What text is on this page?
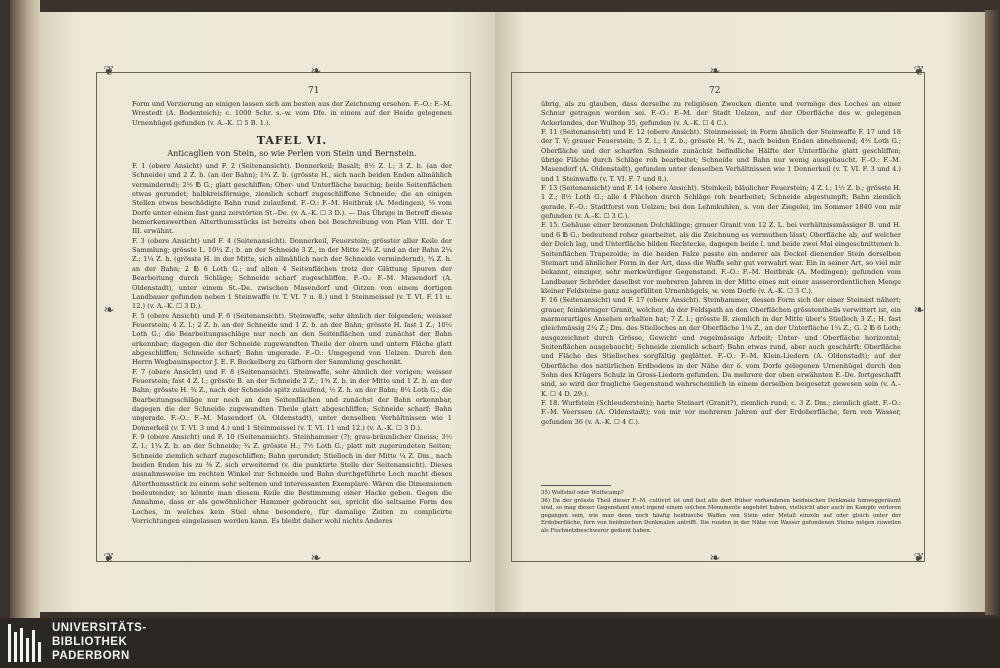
❦	❧
❧
❦	❧
71

Form und Verzierung an einigen lassen sich am besten aus der Zeichnung ersehen. F.–O.: F.–M. Wrestedt (A. Bodenteich); c. 1000 Schr. s.–w. vom Dfe. in einem auf der Heide gelegenen Urnenhügel gefunden (v. A.–K. ☐ 5 B. 1.).

TAFEL VI.
Anticaglien von Stein, so wie Perlen von Stein und Bernstein.

F. 1 (obere Ansicht) und F. 2 (Seitenansicht). Donnerkeil; Basalt; 8½ Z. l.; 3 Z. b. (an der Schneide) und 2 Z. b. (an der Bahn); 1¾ Z. b. (grösste H., sich nach beiden Enden allmählich vermindernd); 2½ ℔ G.; glatt geschliffen; Ober- und Unterfläche bauchig; beide Seitenflächen etwas gerundet; halbkreisförmige, ziemlich scharf zugeschliffene Schneide; die an einigen Stellen etwas beschädigte Bahn rund zulaufend. F.–O.: F.–M. Heitbrak (A. Medingen), ⅛ vom Dorfe unter einem fast ganz zerstörten St.–De. (v. A.–K. ☐ 3 D.). — Das Übrige in Betreff dieses bemerkenswerthen Alterthumsstücks ist bereits oben bei Beschreibung von Plan VIII. der T. III. erwähnt.

F. 3 (obere Ansicht) und F. 4 (Seitenansicht). Donnerkeil, Feuerstein; grösster aller Keile der Sammlung; grösste L. 10¼ Z.; b. an der Schneide 3 Z., in der Mitte 2¾ Z. und an der Bahn 2¼ Z.; 1¼ Z. h. (grösste H. in der Mitte, sich allmählich nach der Schneide vermindernd), ¾ Z. h. an der Bahn; 2 ℔ 6 Loth G.; auf allen 4 Seitenflächen trotz der Glättung Spuren der Bearbeitung durch Schläge; Schneide scharf zugeschliffen. F.–O.: F.–M. Masendorf (A. Oldenstadt), unter einem St.–De. zwischen Masendorf und Oitzen von einem dortigen Landbauer gefunden neben 1 Steinwaffe (v. T. VI. 7 u. 8.) und 1 Steinmeissel (v. T. VI. F. 11 u. 12.) (v. A.–K. ☐ 3 D.).

F. 5 (obere Ansicht) und F. 6 (Seitenansicht). Steinwaffe, sehr ähnlich der folgenden; weisser Feuerstein; 4 Z. l.; 2 Z. b. an der Schneide und 1 Z. b. an der Bahn; grösste H. fast 1 Z.; 10½ Loth G.; die Bearbeitungsschläge nur noch an den Seitenflächen und zunächst der Bahn erkennbar; dagegen die der Schneide zugewandten Theile der obern und untern Fläche glatt abgeschliffen; Schneide scharf; Bahn ungerade. F.–O.: Umgegend von Uelzen. Durch den Herrn Wegbauinspector J. E. F. Bockelberg zu Gifhorn der Sammlung geschenkt.

F. 7 (obere Ansicht) und F. 8 (Seitenansicht). Steinwaffe, sehr ähnlich der vorigen; weisser Feuerstein; fast 4 Z. l.; grösste B. an der Schneide 2 Z.; 1¾ Z. b. in der Mitte und 1 Z. b. an der Bahn; grösste H. ¾ Z., nach der Schneide spitz zulaufend, ½ Z. h. an der Bahn; 8¼ Loth G.; die Bearbeitungsschläge nur noch an den Seitenflächen und zunächst der Bahn erkennbar, dagegen die der Schneide zugewandten Theile glatt abgeschliffen; Schneide scharf; Bahn ungerade. F.–O.: F.–M. Masendorf (A. Oldenstadt), unter denselben Verhältnissen wie 1 Donnerkeil (v. T. VI. 3 und 4.) und 1 Steinmeissel (v. T. VI. 11 und 12.) (v. A.–K. ☐ 3 D.).

F. 9 (obere Ansicht) und F. 10 (Seitenansicht). Steinhammer (?); grau-bräunlicher Gneiss; 3½ Z. l.; 1¾ Z. b. an der Schneide; ¾ Z. grösste H.; 7½ Loth G.; platt mit zugerundeten Seiten; Schneide ziemlich scharf zugeschliffen; Bahn gerundet; Stielloch in der Mitte ¼ Z. Dm., nach beiden Enden bis zu ⅜ Z. sich erweiternd (v. die punktirte Stelle der Seitenansicht). Dieses ausnahmsweise im rechten Winkel zur Schneide und Bahn durchgeführte Loch macht dieses Alterthumsstück zu einem sehr seltenen und interessanten Exemplare. Wären die Dimensionen bedeutender, so könnte man diesem Keile die Bestimmung einer Hacke geben. Gegen die Annahme, dass er als gewöhnlicher Hammer gebraucht sei, spricht die seltsame Form des Loches, in welches kein Stiel ohne besondere, für damalige Zeiten zu complicirte Vorrichtungen eingelassen werden kann. Es bleibt daher wohl nichts Anderes

❧	❦
❧
❧	❦
72

übrig, als zu glauben, dass derselbe zu religiösen Zwecken diente und vermöge des Loches an einer Schnur getragen worden sei. F.–O.: F.–M. der Stadt Uelzen, auf der Oberfläche des w. gelegenen Ackerlandes, der Wulhop 35, gefunden (v. A.–K. ☐ 4 C.).

F. 11 (Seitenansicht) und F. 12 (obere Ansicht). Steinmeissel; in Form ähnlich der Steinwaffe F. 17 und 18 der T. V; grauer Feuerstein; 5 Z. l.; 1 Z. b.; grösste H. ⅝ Z., nach beiden Enden abnehmend; 4½ Loth G.; Oberfläche und der scharfen Schneide zunächst befindliche Hälfte der Unterfläche glatt geschliffen; übrige Fläche durch Schläge roh bearbeitet; Schneide und Bahn nur wenig ausgebaucht. F.–O.: F.–M. Masendorf (A. Oldenstadt), gefunden unter denselben Verhältnissen wie 1 Donnerkeil (v. T. VI. F. 3 und 4.) und 1 Steinwaffe (v. T. VI. F. 7 und 8.).

F. 13 (Seitenansicht) und F. 14 (obere Ansicht). Steinkeil; bläulicher Feuerstein; 4 Z. l.; 1½ Z. b.; grösste H. 1 Z.; 8½ Loth G.; alle 4 Flächen durch Schläge roh bearbeitet; Schneide abgestumpft; Bahn ziemlich gerade. F.–O.: Stadtforst von Uelzen; bei den Lehmkuhlen, s. von der Ziegelei, im Sommer 1840 von mir gefunden (v. A.–K. ☐ 3 C.).

F. 15. Gehäuse einer bronzenen Dolchklinge; grauer Granit von 12 Z. L. bei verhältnissmässiger B. und H. und 6 ℔ G.; bedeutend roher gearbeitet, als die Zeichnung es vermuthen lässt; Oberfläche ab, auf welcher der Dolch lag, und Unterfläche bilden Rechtecke, dagegen beide l. und beide zwei Mal eingeschnittenen b. Seitenflächen Trapezoide; in die beiden Falze passte ein anderer als Deckel dienender Stein derselben Steinart und ähnlicher Form in der Art, dass die Waffe sehr gut verwahrt war. Ein in seiner Art, so viel mir bekannt, einziger, sehr merkwürdiger Gegenstand. F.–O.: F.–M. Heitbrak (A. Medingen); gefunden vom Landbauer Schröder daselbst vor mehreren Jahren in der Mitte eines mit einer ausserordentlichen Menge kleiner Feldsteine ganz ausgefüllten Urnenhügels, w. vom Dorfe (v. A.–K. ☐ 3 C.).

F. 16 (Seitenansicht) und F. 17 (obere Ansicht). Steinhammer, dessen Form sich der einer Steinaxt nähert; grauer, feinkörniger Granit, welcher, da der Feldspath an den Oberflächen grösstentheils verwittert ist, ein marmorartiges Ansehen erhalten hat; 7 Z. l.; grösste B. ziemlich in der Mitte über's Stielloch 3 Z.; H. fast gleichmässig 2¼ Z.; Dm. des Stielloches an der Oberfläche 1¼ Z., an der Unterfläche 1¼ Z.; G. 2 ℔ 6 Loth; ausgezeichnet durch Grösse, Gewicht und regelmässige Arbeit; Unter- und Oberfläche horizontal; Seitenflächen ausgebaucht; Schneide ziemlich scharf; Bahn etwas rund, aber auch geschärft; Oberfläche und Fläche des Stielloches sorgfältig geglättet. F.–O.: F.–M. Klein-Liedern (A. Oldenstadt); auf der Oberfläche des natürlichen Erdbodens in der Nähe der ö. vom Dorfe gelegenen Urnenhügel durch den Sohn des Krügers Schulz in Gross-Liedern gefunden. Da mehrere der oben erwähnten E.-De. fortgeschafft sind, so wird der fragliche Gegenstand wahrscheinlich in einem derselben beigesetzt gewesen sein (v. A.–K. ☐ 4 D. 29.).

F. 18. Wurfstein (Schleuderstein); harte Steinart (Granit?), ziemlich rund; c. 3 Z. Dm.; ziemlich glatt. F.–O.: F.–M. Veerssen (A. Oldenstadt); von mir vor mehreren Jahren auf der Erdoberfläche, fern von Wasser, gefunden 36 (v. A.–K. ☐ 4 C.).

35) Wolfshof oder Wolfscamp?

36) Da der grösste Theil dieser F.–M. cultivirt ist und fast alle dort früher vorhandenen heidnischen Denkmale hinweggeräumt sind, so mag dieser Gegenstand einst irgend einem solchen Monumente angehört haben, vielleicht aber auch im Kampfe verloren gegangen sein, wie man denn noch häufig heidnische Waffen von Stein oder Metall einzeln auf oder gleich unter der Erdoberfläche, fern von heidnischen Denkmalen antrifft. Die runden in der Nähe von Wasser gefundenen Steine mögen zuweilen als Fischnetzbeschwerer gedient haben.

UNIVERSITÄTS-
BIBLIOTHEK
PADERBORN
